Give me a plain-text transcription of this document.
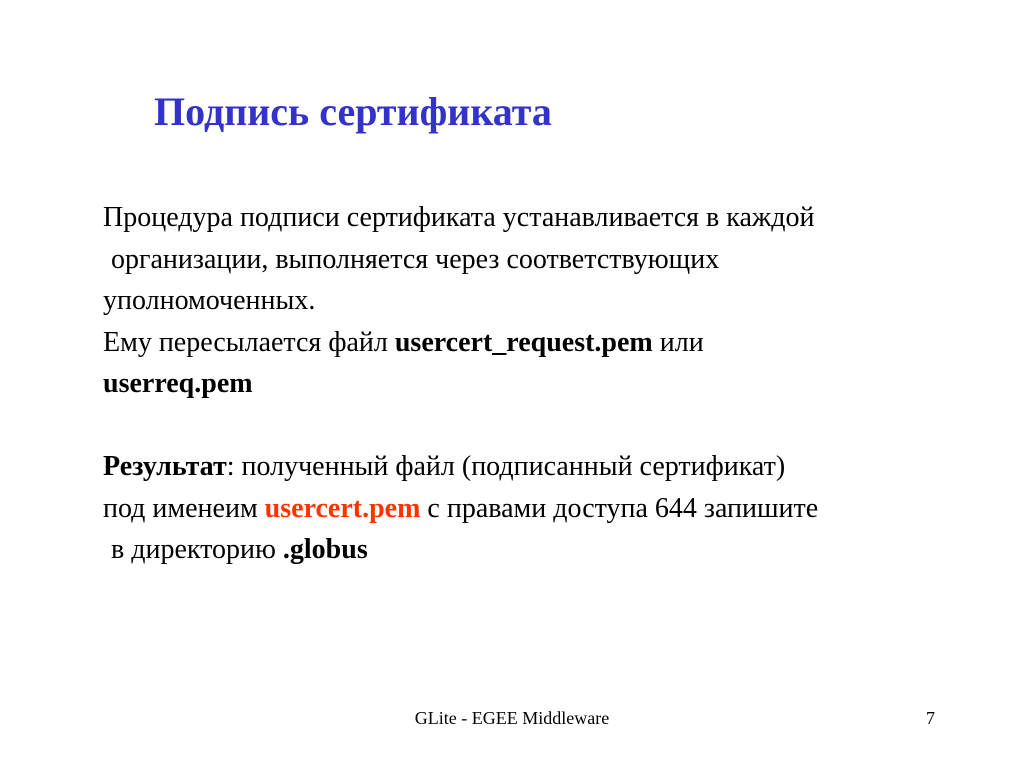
Подпись сертификата
Процедура подписи сертификата устанавливается в каждой
организации, выполняется через соответствующих
уполномоченных.
Ему пересылается файл usercert_request.pem или
userreq.pem
Результат: полученный файл (подписанный сертификат)
под именеим usercert.pem с правами доступа 644 запишите
в директорию .globus
GLite - EGEE Middleware	7
